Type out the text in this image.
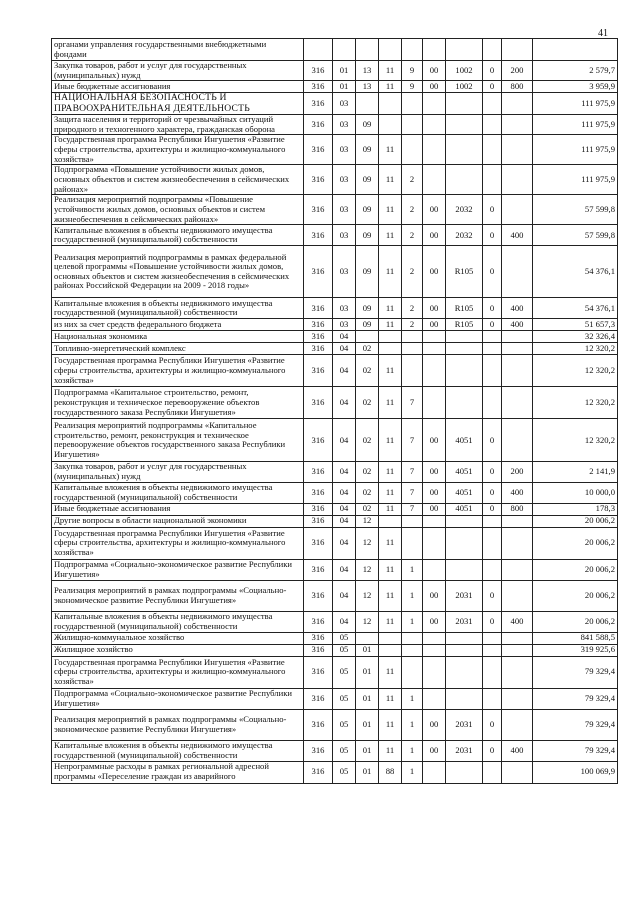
41
органами управления государственными внебюджетными фондами										
Закупка товаров, работ и услуг для государственных (муниципальных) нужд	316	01	13	11	9	00	1002	0	200	2 579,7
Иные бюджетные ассигнования	316	01	13	11	9	00	1002	0	800	3 959,9
НАЦИОНАЛЬНАЯ БЕЗОПАСНОСТЬ И ПРАВООХРАНИТЕЛЬНАЯ ДЕЯТЕЛЬНОСТЬ	316	03								111 975,9
Защита населения и территорий от чрезвычайных ситуаций природного и техногенного характера, гражданская оборона	316	03	09							111 975,9
Государственная программа Республики Ингушетия «Развитие сферы строительства, архитектуры и жилищно-коммунального хозяйства»	316	03	09	11						111 975,9
Подпрограмма «Повышение устойчивости жилых домов, основных объектов и систем жизнеобеспечения в сейсмических районах»	316	03	09	11	2					111 975,9
Реализация мероприятий подпрограммы «Повышение устойчивости жилых домов, основных объектов и систем жизнеобеспечения в сейсмических районах»	316	03	09	11	2	00	2032	0		57 599,8
Капитальные вложения в объекты недвижимого имущества государственной (муниципальной) собственности	316	03	09	11	2	00	2032	0	400	57 599,8
Реализация мероприятий подпрограммы в рамках федеральной целевой программы «Повышение устойчивости жилых домов, основных объектов и систем жизнеобеспечения в сейсмических районах Российской Федерации на 2009 - 2018 годы»	316	03	09	11	2	00	R105	0		54 376,1
Капитальные вложения в объекты недвижимого имущества государственной (муниципальной) собственности	316	03	09	11	2	00	R105	0	400	54 376,1
из них за счет средств федерального бюджета	316	03	09	11	2	00	R105	0	400	51 657,3
Национальная экономика	316	04								32 326,4
Топливно-энергетический комплекс	316	04	02							12 320,2
Государственная программа Республики Ингушетия «Развитие сферы строительства, архитектуры и жилищно-коммунального хозяйства»	316	04	02	11						12 320,2
Подпрограмма «Капитальное строительство, ремонт, реконструкция и техническое перевооружение объектов государственного заказа Республики Ингушетия»	316	04	02	11	7					12 320,2
Реализация мероприятий подпрограммы «Капитальное строительство, ремонт, реконструкция и техническое перевооружение объектов государственного заказа Республики Ингушетия»	316	04	02	11	7	00	4051	0		12 320,2
Закупка товаров, работ и услуг для государственных (муниципальных) нужд	316	04	02	11	7	00	4051	0	200	2 141,9
Капитальные вложения в объекты недвижимого имущества государственной (муниципальной) собственности	316	04	02	11	7	00	4051	0	400	10 000,0
Иные бюджетные ассигнования	316	04	02	11	7	00	4051	0	800	178,3
Другие вопросы в области национальной экономики	316	04	12							20 006,2
Государственная программа Республики Ингушетия «Развитие сферы строительства, архитектуры и жилищно-коммунального хозяйства»	316	04	12	11						20 006,2
Подпрограмма «Социально-экономическое развитие Республики Ингушетия»	316	04	12	11	1					20 006,2
Реализация мероприятий в рамках подпрограммы «Социально-экономическое развитие Республики Ингушетия»	316	04	12	11	1	00	2031	0		20 006,2
Капитальные вложения в объекты недвижимого имущества государственной (муниципальной) собственности	316	04	12	11	1	00	2031	0	400	20 006,2
Жилищно-коммунальное хозяйство	316	05								841 588,5
Жилищное хозяйство	316	05	01							319 925,6
Государственная программа Республики Ингушетия «Развитие сферы строительства, архитектуры и жилищно-коммунального хозяйства»	316	05	01	11						79 329,4
Подпрограмма «Социально-экономическое развитие Республики Ингушетия»	316	05	01	11	1					79 329,4
Реализация мероприятий в рамках подпрограммы «Социально-экономическое развитие Республики Ингушетия»	316	05	01	11	1	00	2031	0		79 329,4
Капитальные вложения в объекты недвижимого имущества государственной (муниципальной) собственности	316	05	01	11	1	00	2031	0	400	79 329,4
Непрограммные расходы в рамках региональной адресной программы «Переселение граждан из аварийного	316	05	01	88	1					100 069,9
